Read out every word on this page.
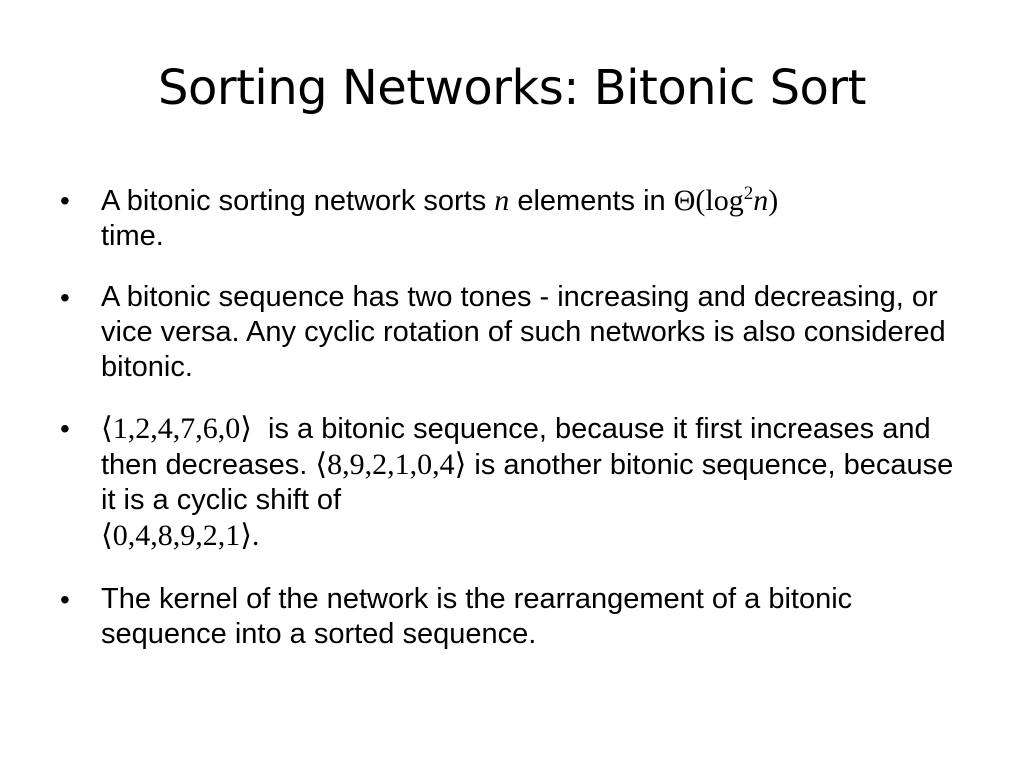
Sorting Networks: Bitonic Sort
•	A bitonic sorting network sorts n elements in $\Theta(\log^2n)$
time.
•	A bitonic sequence has two tones - increasing and decreasing, or vice versa. Any cyclic rotation of such networks is also considered bitonic.
•	⟨1,2,4,7,6,0⟩  is a bitonic sequence, because it first increases and then decreases. ⟨8,9,2,1,0,4⟩ is another bitonic sequence, because it is a cyclic shift of
⟨0,4,8,9,2,1⟩.
•	The kernel of the network is the rearrangement of a bitonic sequence into a sorted sequence.
